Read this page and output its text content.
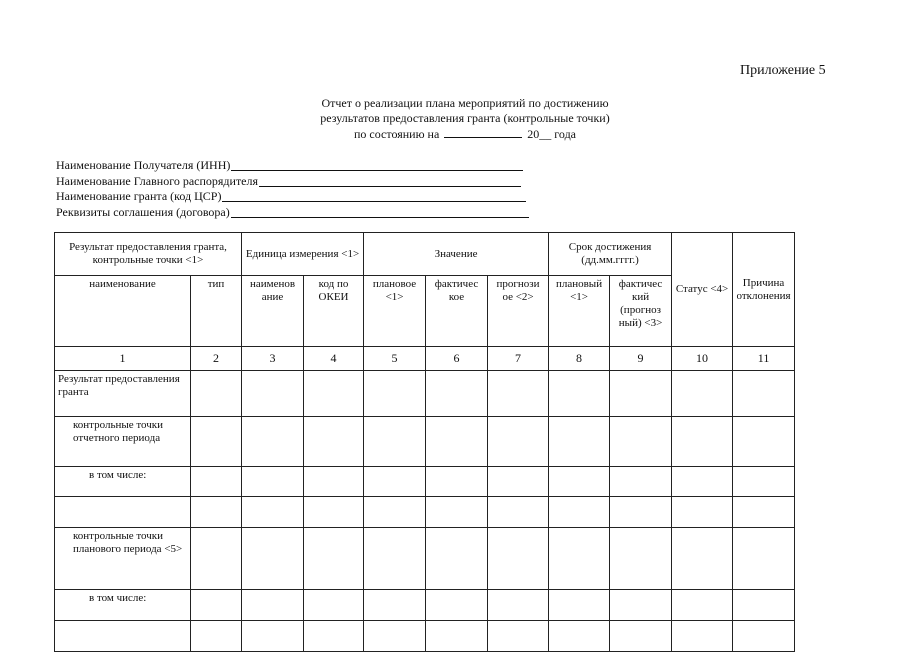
Приложение 5
Отчет о реализации плана мероприятий по достижению
результатов предоставления гранта (контрольные точки)
по состоянию на	20__ года
Наименование Получателя (ИНН)
Наименование Главного распорядителя
Наименование гранта (код ЦСР)
Реквизиты соглашения (договора)
Результат предоставления гранта, контрольные точки <1>		Единица измерения <1>		Значение			Срок достижения (дд.мм.гггг.)		Статус <4>	Причина отклонения
наименование	тип	наименов ание	код по ОКЕИ	плановое <1>	фактичес кое	прогнози ое <2>	плановый <1>	фактичес кий (прогноз ный) <3>		
1	2	3	4	5	6	7	8	9	10	11
Результат предоставления гранта										
контрольные точки отчетного периода										
в том числе:										

контрольные точки планового периода <5>										
в том числе:										
